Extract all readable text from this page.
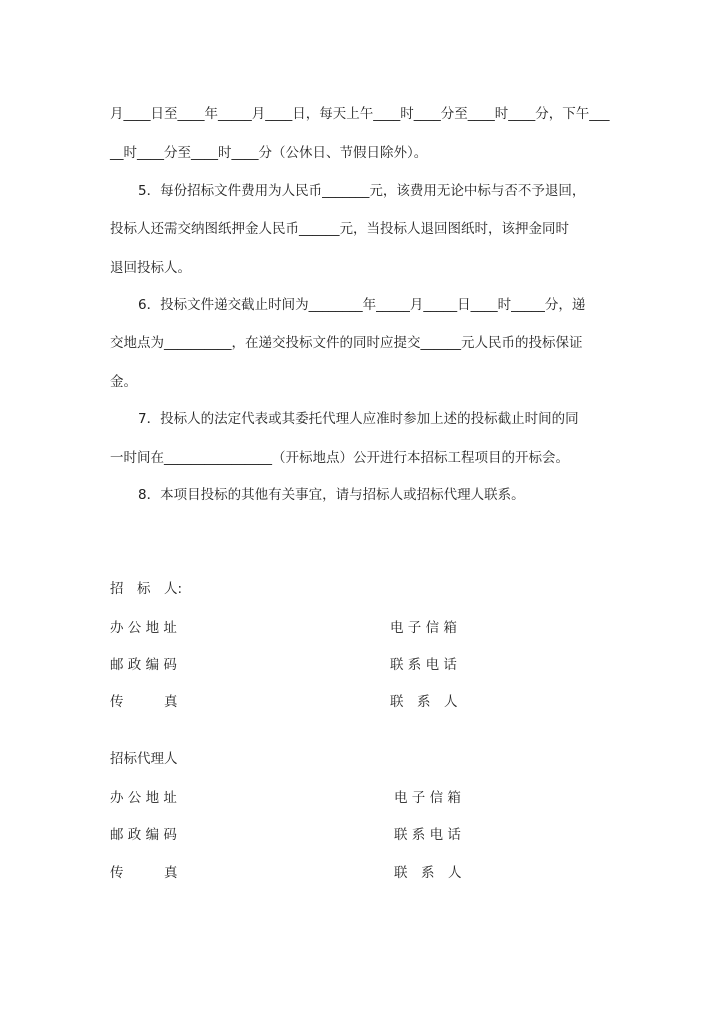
月____日至____年_____月____日，每天上午____时____分至____时____分，下午___
__时____分至____时____分（公休日、节假日除外）。
5．每份招标文件费用为人民币_______元，该费用无论中标与否不予退回，
投标人还需交纳图纸押金人民币______元，当投标人退回图纸时，该押金同时
退回投标人。
6．投标文件递交截止时间为________年_____月_____日____时_____分，递
交地点为__________，在递交投标文件的同时应提交______元人民币的投标保证
金。
7．投标人的法定代表或其委托代理人应准时参加上述的投标截止时间的同
一时间在________________（开标地点）公开进行本招标工程项目的开标会。
8．本项目投标的其他有关事宜，请与招标人或招标代理人联系。
招　标　人:
办 公 地 址	电 子 信 箱
邮 政 编 码	联 系 电 话
传　　　真	联　系　人
招标代理人
办 公 地 址	电 子 信 箱
邮 政 编 码	联 系 电 话
传　　　真	联　系　人
